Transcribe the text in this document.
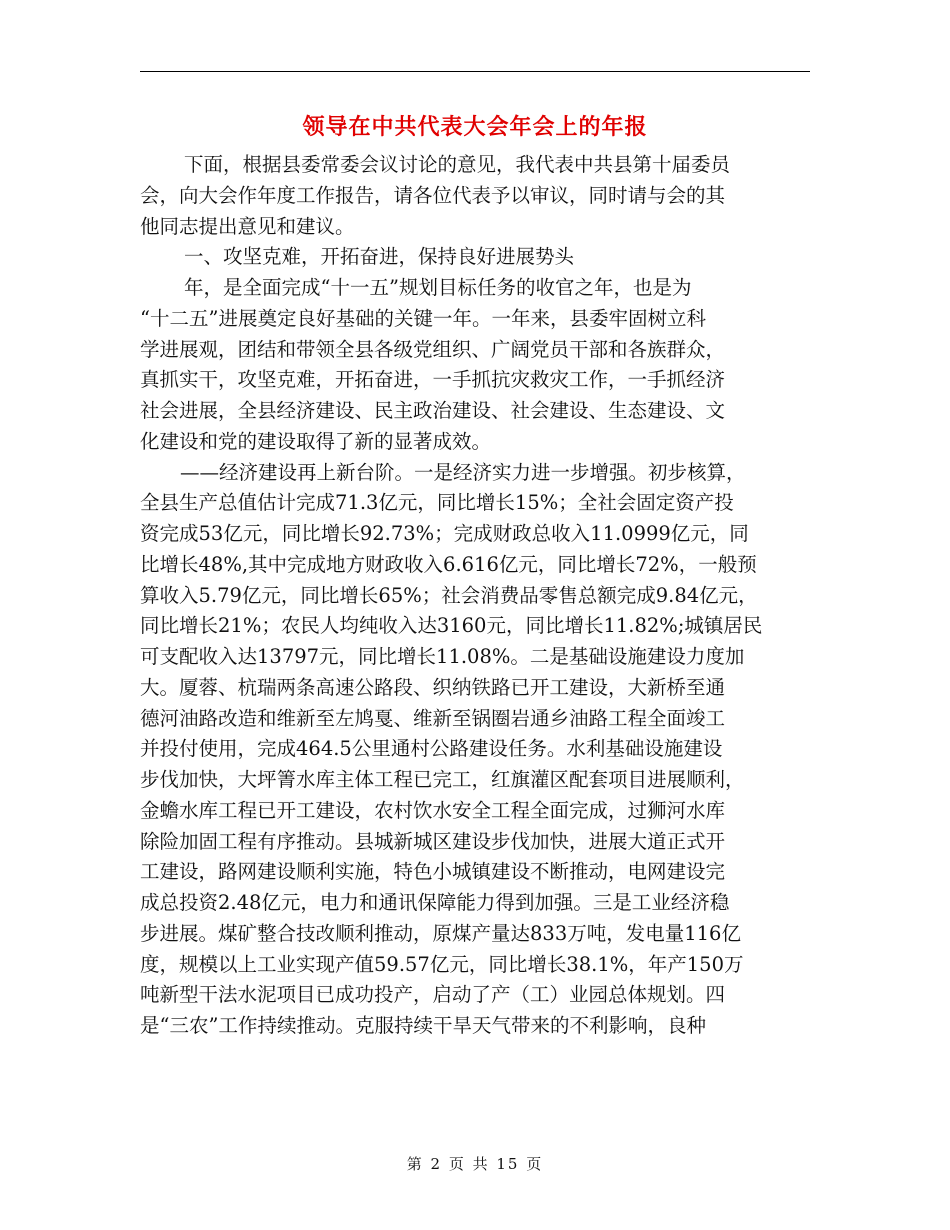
领导在中共代表大会年会上的年报
下面，根据县委常委会议讨论的意见，我代表中共县第十届委员
会，向大会作年度工作报告，请各位代表予以审议，同时请与会的其
他同志提出意见和建议。
一、攻坚克难，开拓奋进，保持良好进展势头
年，是全面完成“十一五”规划目标任务的收官之年，也是为
“十二五”进展奠定良好基础的关键一年。一年来，县委牢固树立科
学进展观，团结和带领全县各级党组织、广阔党员干部和各族群众，
真抓实干，攻坚克难，开拓奋进，一手抓抗灾救灾工作，一手抓经济
社会进展，全县经济建设、民主政治建设、社会建设、生态建设、文
化建设和党的建设取得了新的显著成效。
——经济建设再上新台阶。一是经济实力进一步增强。初步核算，
全县生产总值估计完成71.3亿元，同比增长15%；全社会固定资产投
资完成53亿元，同比增长92.73%；完成财政总收入11.0999亿元，同
比增长48%,其中完成地方财政收入6.616亿元，同比增长72%，一般预
算收入5.79亿元，同比增长65%；社会消费品零售总额完成9.84亿元，
同比增长21%；农民人均纯收入达3160元，同比增长11.82%;城镇居民
可支配收入达13797元，同比增长11.08%。二是基础设施建设力度加
大。厦蓉、杭瑞两条高速公路段、织纳铁路已开工建设，大新桥至通
德河油路改造和维新至左鸠戛、维新至锅圈岩通乡油路工程全面竣工
并投付使用，完成464.5公里通村公路建设任务。水利基础设施建设
步伐加快，大坪箐水库主体工程已完工，红旗灌区配套项目进展顺利，
金蟾水库工程已开工建设，农村饮水安全工程全面完成，过狮河水库
除险加固工程有序推动。县城新城区建设步伐加快，进展大道正式开
工建设，路网建设顺利实施，特色小城镇建设不断推动，电网建设完
成总投资2.48亿元，电力和通讯保障能力得到加强。三是工业经济稳
步进展。煤矿整合技改顺利推动，原煤产量达833万吨，发电量116亿
度，规模以上工业实现产值59.57亿元，同比增长38.1%，年产150万
吨新型干法水泥项目已成功投产，启动了产（工）业园总体规划。四
是“三农”工作持续推动。克服持续干旱天气带来的不利影响，良种
第 2 页 共 15 页
